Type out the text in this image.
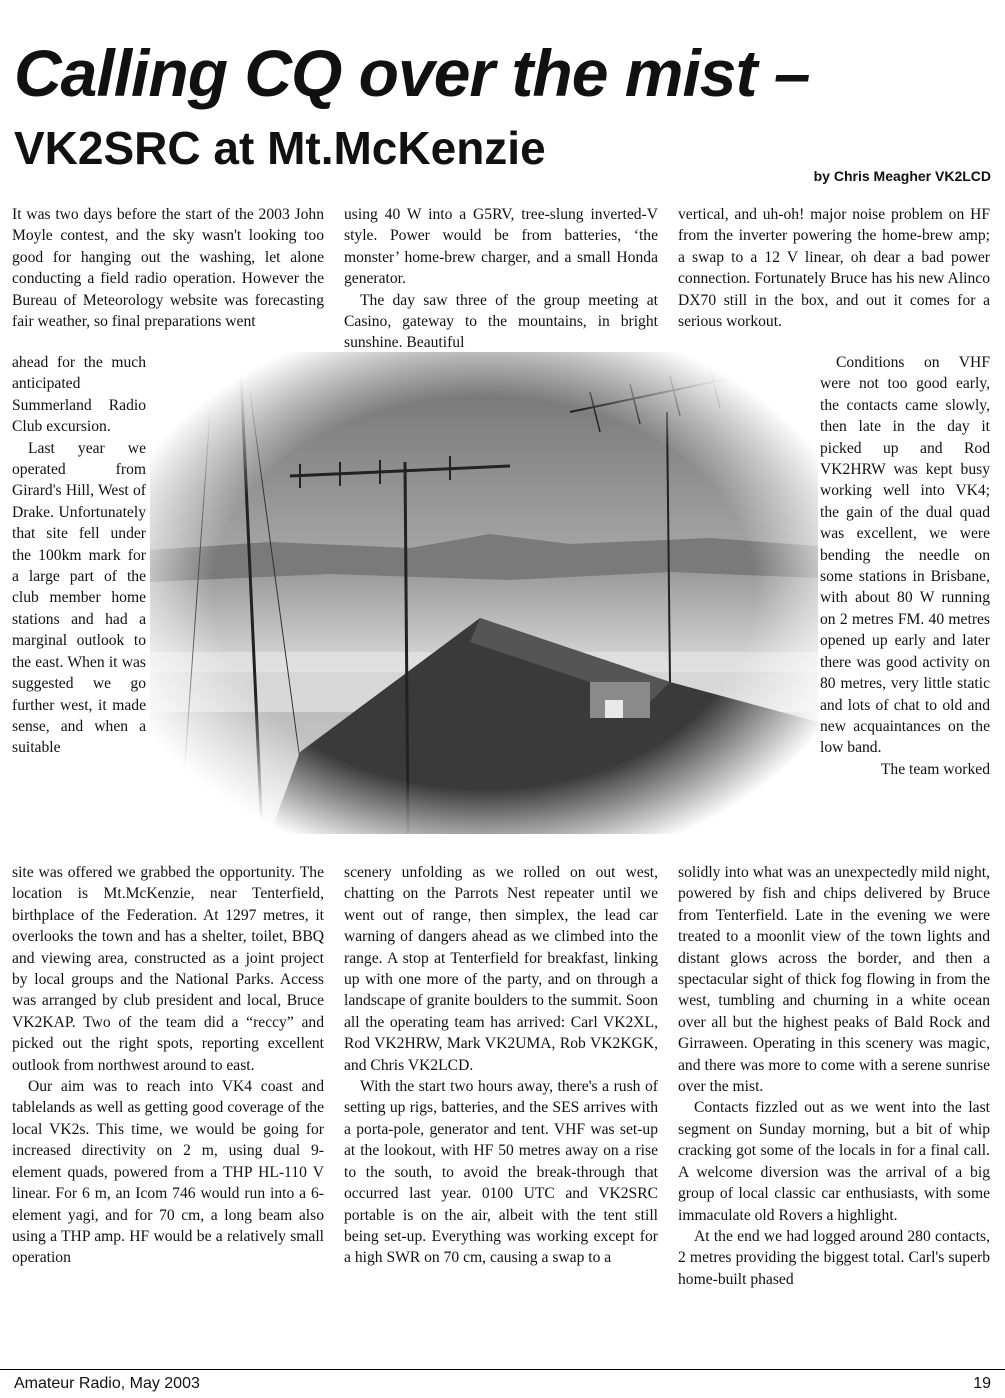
Calling CQ over the mist –
VK2SRC at Mt.McKenzie
by Chris Meagher VK2LCD

It was two days before the start of the 2003 John Moyle contest, and the sky wasn't looking too good for hanging out the washing, let alone conducting a field radio operation. However the Bureau of Meteorology website was forecasting fair weather, so final preparations went

ahead for the much anticipated Summerland Radio Club excursion.

Last year we operated from Girard's Hill, West of Drake. Unfortunately that site fell under the 100km mark for a large part of the club member home stations and had a marginal outlook to the east. When it was suggested we go further west, it made sense, and when a suitable

site was offered we grabbed the opportunity. The location is Mt.McKenzie, near Tenterfield, birthplace of the Federation. At 1297 metres, it overlooks the town and has a shelter, toilet, BBQ and viewing area, constructed as a joint project by local groups and the National Parks. Access was arranged by club president and local, Bruce VK2KAP. Two of the team did a “reccy” and picked out the right spots, reporting excellent outlook from northwest around to east.

Our aim was to reach into VK4 coast and tablelands as well as getting good coverage of the local VK2s. This time, we would be going for increased directivity on 2 m, using dual 9-element quads, powered from a THP HL-110 V linear. For 6 m, an Icom 746 would run into a 6-element yagi, and for 70 cm, a long beam also using a THP amp. HF would be a relatively small operation

using 40 W into a G5RV, tree-slung inverted-V style. Power would be from batteries, ‘the monster’ home-brew charger, and a small Honda generator.

The day saw three of the group meeting at Casino, gateway to the mountains, in bright sunshine. Beautiful

scenery unfolding as we rolled on out west, chatting on the Parrots Nest repeater until we went out of range, then simplex, the lead car warning of dangers ahead as we climbed into the range. A stop at Tenterfield for breakfast, linking up with one more of the party, and on through a landscape of granite boulders to the summit. Soon all the operating team has arrived: Carl VK2XL, Rod VK2HRW, Mark VK2UMA, Rob VK2KGK, and Chris VK2LCD.

With the start two hours away, there's a rush of setting up rigs, batteries, and the SES arrives with a porta-pole, generator and tent. VHF was set-up at the lookout, with HF 50 metres away on a rise to the south, to avoid the break-through that occurred last year. 0100 UTC and VK2SRC portable is on the air, albeit with the tent still being set-up. Everything was working except for a high SWR on 70 cm, causing a swap to a

vertical, and uh-oh! major noise problem on HF from the inverter powering the home-brew amp; a swap to a 12 V linear, oh dear a bad power connection. Fortunately Bruce has his new Alinco DX70 still in the box, and out it comes for a serious workout.

Conditions on VHF were not too good early, the contacts came slowly, then late in the day it picked up and Rod VK2HRW was kept busy working well into VK4; the gain of the dual quad was excellent, we were bending the needle on some stations in Brisbane, with about 80 W running on 2 metres FM. 40 metres opened up early and later there was good activity on 80 metres, very little static and lots of chat to old and new acquaintances on the low band.

The team worked

solidly into what was an unexpectedly mild night, powered by fish and chips delivered by Bruce from Tenterfield. Late in the evening we were treated to a moonlit view of the town lights and distant glows across the border, and then a spectacular sight of thick fog flowing in from the west, tumbling and churning in a white ocean over all but the highest peaks of Bald Rock and Girraween. Operating in this scenery was magic, and there was more to come with a serene sunrise over the mist.

Contacts fizzled out as we went into the last segment on Sunday morning, but a bit of whip cracking got some of the locals in for a final call. A welcome diversion was the arrival of a big group of local classic car enthusiasts, with some immaculate old Rovers a highlight.

At the end we had logged around 280 contacts, 2 metres providing the biggest total. Carl's superb home-built phased

Amateur Radio, May 2003	19
